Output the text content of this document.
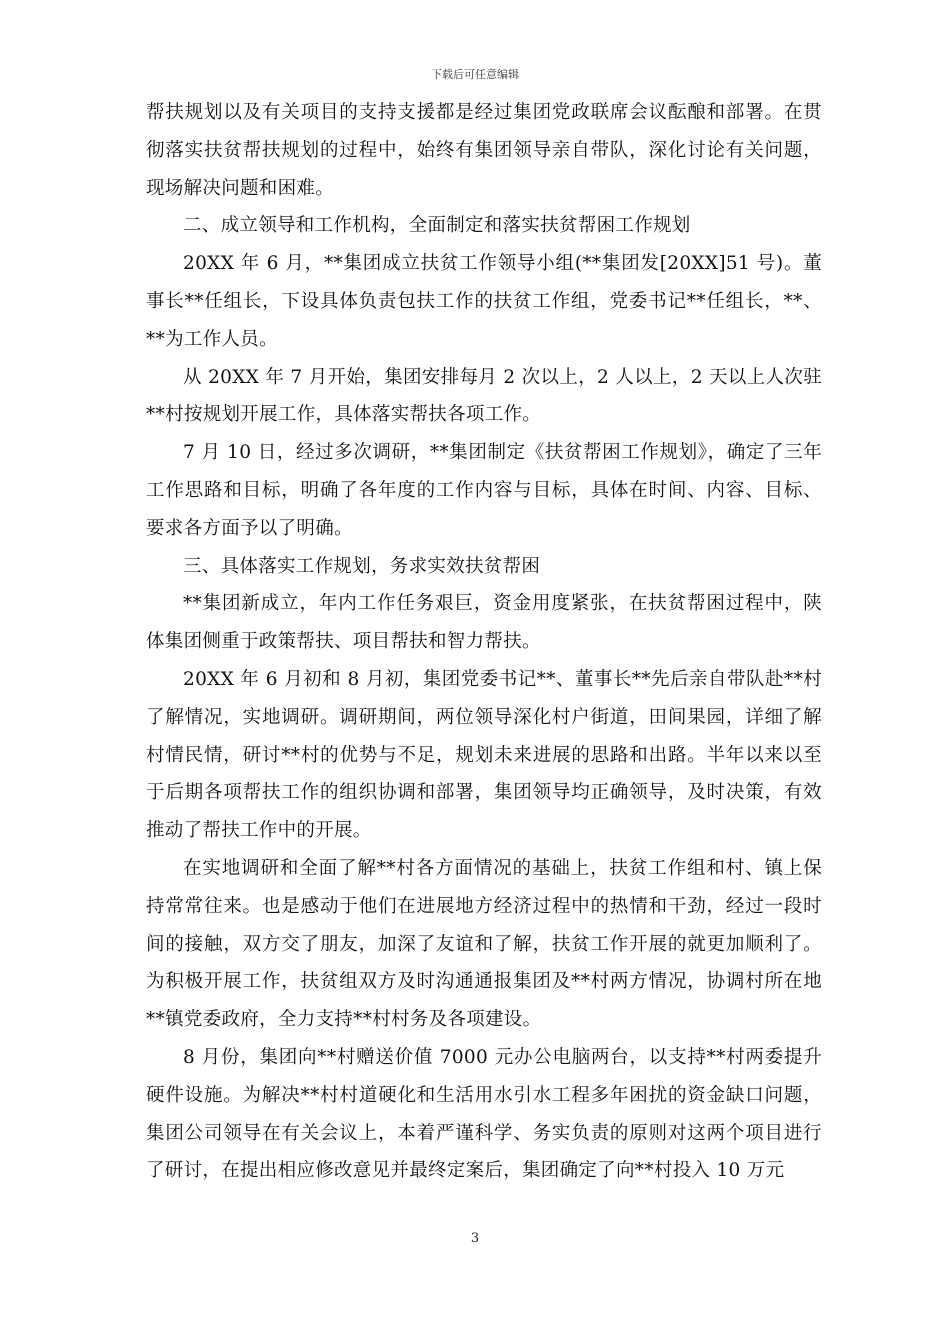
下载后可任意编辑

帮扶规划以及有关项目的支持支援都是经过集团党政联席会议酝酿和部署。在贯彻落实扶贫帮扶规划的过程中，始终有集团领导亲自带队，深化讨论有关问题，现场解决问题和困难。

二、成立领导和工作机构，全面制定和落实扶贫帮困工作规划

20XX 年 6 月，**集团成立扶贫工作领导小组(**集团发[20XX]51 号)。董事长**任组长，下设具体负责包扶工作的扶贫工作组，党委书记**任组长，**、**为工作人员。

从 20XX 年 7 月开始，集团安排每月 2 次以上，2 人以上，2 天以上人次驻**村按规划开展工作，具体落实帮扶各项工作。

7 月 10 日，经过多次调研，**集团制定《扶贫帮困工作规划》，确定了三年工作思路和目标，明确了各年度的工作内容与目标，具体在时间、内容、目标、要求各方面予以了明确。

三、具体落实工作规划，务求实效扶贫帮困

**集团新成立，年内工作任务艰巨，资金用度紧张，在扶贫帮困过程中，陕体集团侧重于政策帮扶、项目帮扶和智力帮扶。

20XX 年 6 月初和 8 月初，集团党委书记**、董事长**先后亲自带队赴**村了解情况，实地调研。调研期间，两位领导深化村户街道，田间果园，详细了解村情民情，研讨**村的优势与不足，规划未来进展的思路和出路。半年以来以至于后期各项帮扶工作的组织协调和部署，集团领导均正确领导，及时决策，有效推动了帮扶工作中的开展。

在实地调研和全面了解**村各方面情况的基础上，扶贫工作组和村、镇上保持常常往来。也是感动于他们在进展地方经济过程中的热情和干劲，经过一段时间的接触，双方交了朋友，加深了友谊和了解，扶贫工作开展的就更加顺利了。为积极开展工作，扶贫组双方及时沟通通报集团及**村两方情况，协调村所在地**镇党委政府，全力支持**村村务及各项建设。

8 月份，集团向**村赠送价值 7000 元办公电脑两台，以支持**村两委提升硬件设施。为解决**村村道硬化和生活用水引水工程多年困扰的资金缺口问题，集团公司领导在有关会议上，本着严谨科学、务实负责的原则对这两个项目进行了研讨，在提出相应修改意见并最终定案后，集团确定了向**村投入 10 万元

3
